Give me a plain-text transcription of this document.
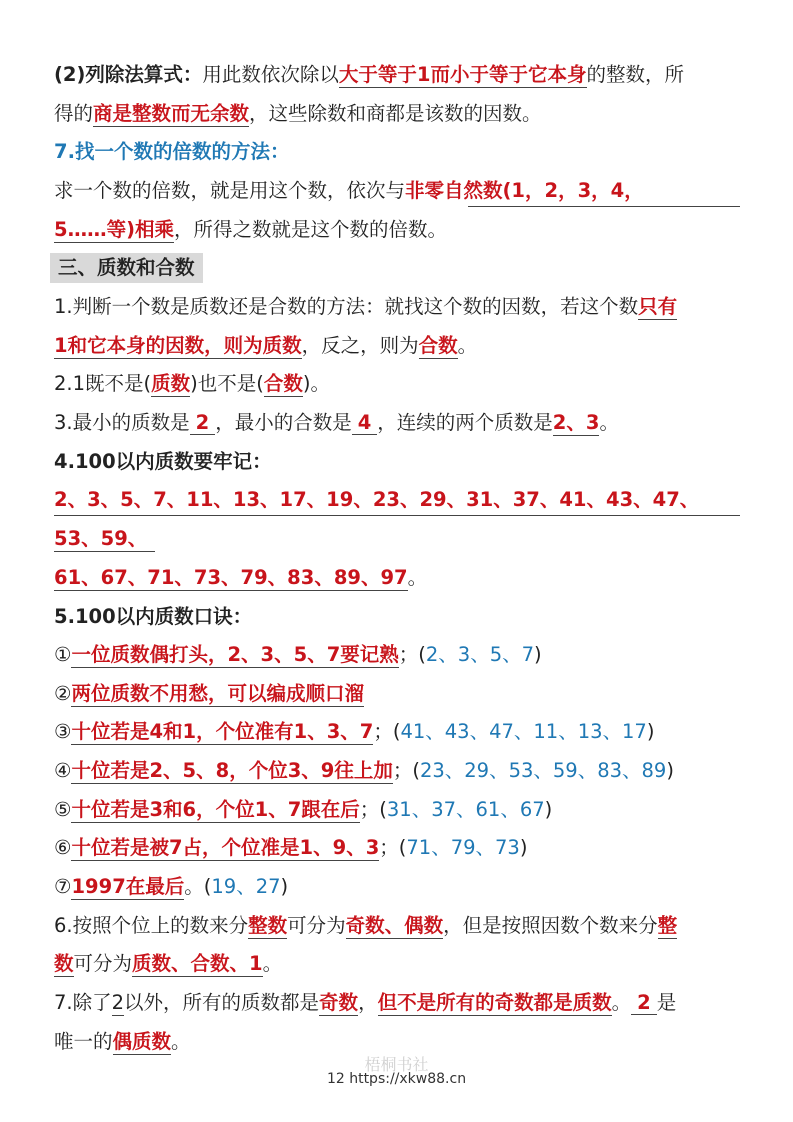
(2)列除法算式：用此数依次除以大于等于1而小于等于它本身的整数，所
得的商是整数而无余数，这些除数和商都是该数的因数。
7.找一个数的倍数的方法：
求一个数的倍数，就是用这个数，依次与非零自然数(1，2，3，4，
5……等)相乘，所得之数就是这个数的倍数。
三、质数和合数
1.判断一个数是质数还是合数的方法：就找这个数的因数，若这个数只有
1和它本身的因数，则为质数，反之，则为合数。
2.1既不是(质数)也不是(合数)。
3.最小的质数是 2 ，最小的合数是 4 ，连续的两个质数是2、3。
4.100以内质数要牢记：
2、3、5、7、11、13、17、19、23、29、31、37、41、43、47、
53、59、
61、67、71、73、79、83、89、97。
5.100以内质数口诀：
①一位质数偶打头，2、3、5、7要记熟；(2、3、5、7)
②两位质数不用愁，可以编成顺口溜
③十位若是4和1，个位准有1、3、7；(41、43、47、11、13、17)
④十位若是2、5、8，个位3、9往上加；(23、29、53、59、83、89)
⑤十位若是3和6，个位1、7跟在后；(31、37、61、67)
⑥十位若是被7占，个位准是1、9、3；(71、79、73)
⑦1997在最后。(19、27)
6.按照个位上的数来分整数可分为奇数、偶数，但是按照因数个数来分整
数可分为质数、合数、1。
7.除了2以外，所有的质数都是奇数，但不是所有的奇数都是质数。 2 是
唯一的偶质数。
梧桐书社
12 https://xkw88.cn
